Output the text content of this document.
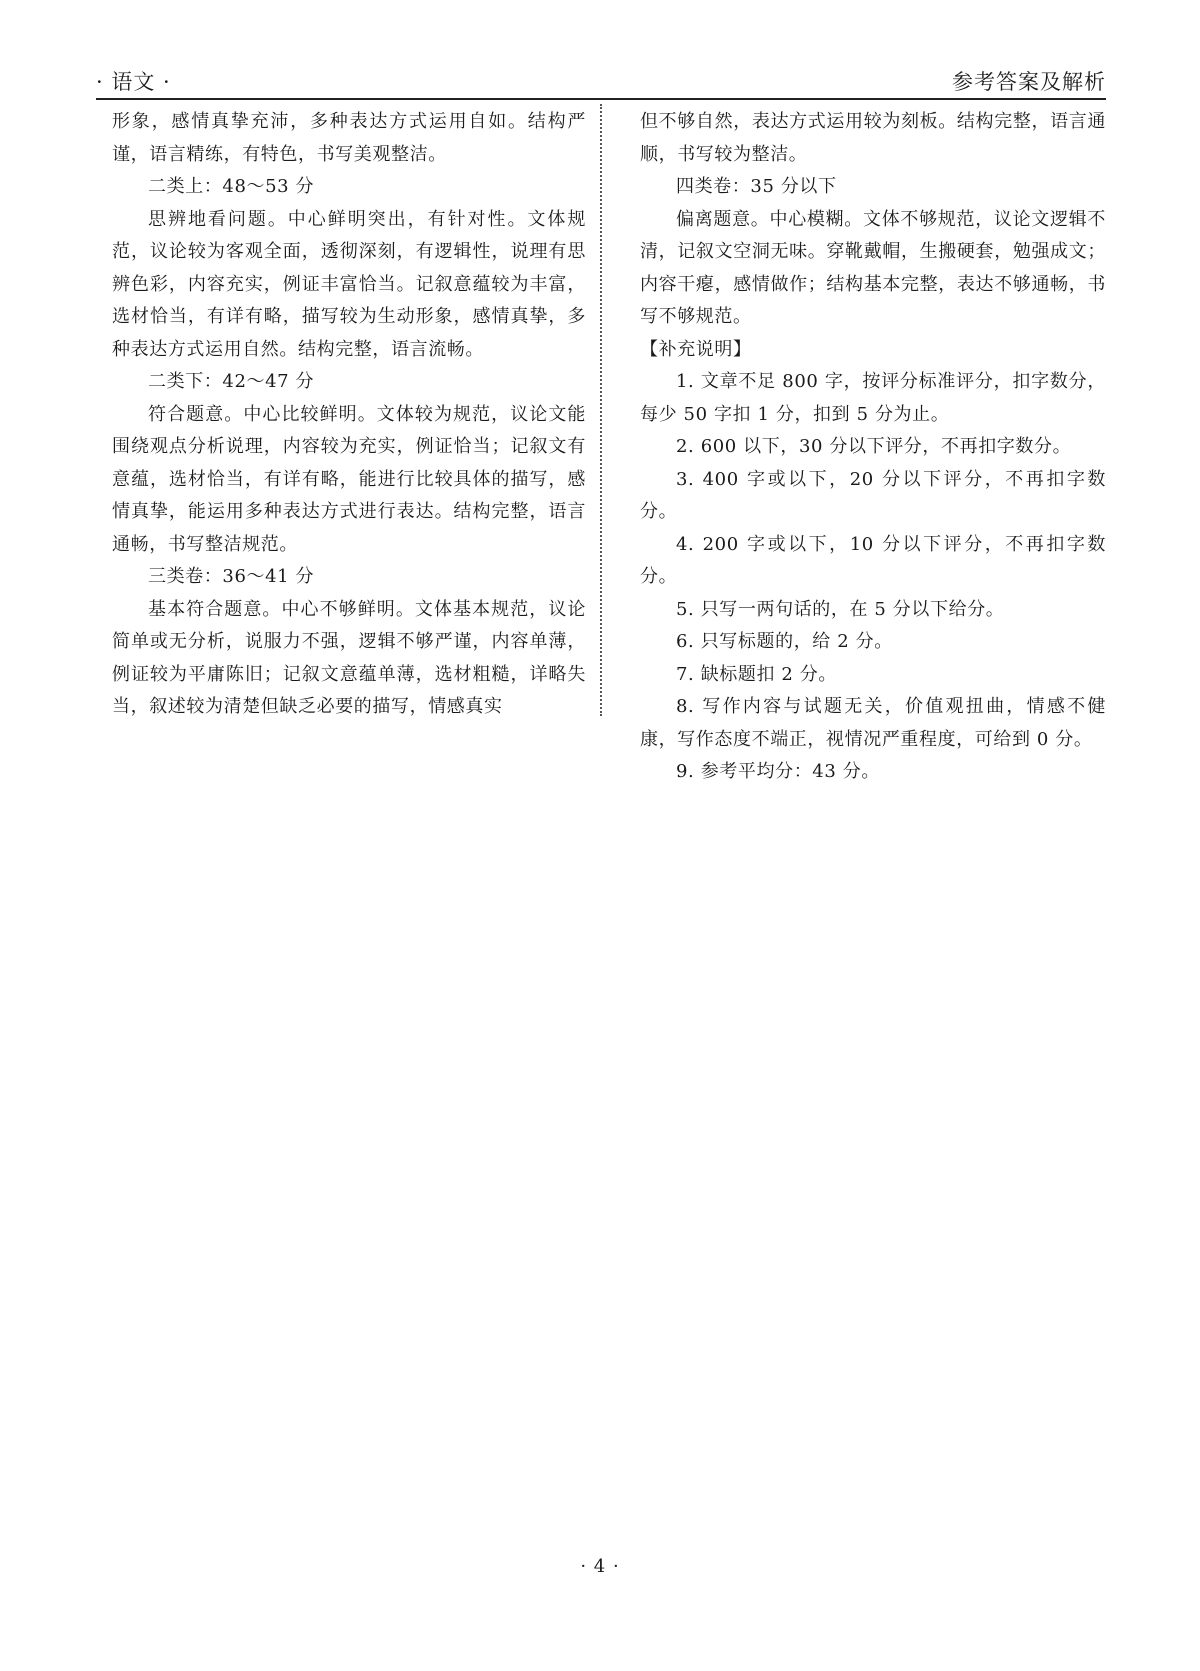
· 语文 ·	参考答案及解析

形象，感情真挚充沛，多种表达方式运用自如。结构严谨，语言精练，有特色，书写美观整洁。

二类上：48～53 分

思辨地看问题。中心鲜明突出，有针对性。文体规范，议论较为客观全面，透彻深刻，有逻辑性，说理有思辨色彩，内容充实，例证丰富恰当。记叙意蕴较为丰富，选材恰当，有详有略，描写较为生动形象，感情真挚，多种表达方式运用自然。结构完整，语言流畅。

二类下：42～47 分

符合题意。中心比较鲜明。文体较为规范，议论文能围绕观点分析说理，内容较为充实，例证恰当；记叙文有意蕴，选材恰当，有详有略，能进行比较具体的描写，感情真挚，能运用多种表达方式进行表达。结构完整，语言通畅，书写整洁规范。

三类卷：36～41 分

基本符合题意。中心不够鲜明。文体基本规范，议论简单或无分析，说服力不强，逻辑不够严谨，内容单薄，例证较为平庸陈旧；记叙文意蕴单薄，选材粗糙，详略失当，叙述较为清楚但缺乏必要的描写，情感真实

但不够自然，表达方式运用较为刻板。结构完整，语言通顺，书写较为整洁。

四类卷：35 分以下

偏离题意。中心模糊。文体不够规范，议论文逻辑不清，记叙文空洞无味。穿靴戴帽，生搬硬套，勉强成文；内容干瘪，感情做作；结构基本完整，表达不够通畅，书写不够规范。

【补充说明】

1. 文章不足 800 字，按评分标准评分，扣字数分，每少 50 字扣 1 分，扣到 5 分为止。

2. 600 以下，30 分以下评分，不再扣字数分。

3. 400 字或以下，20 分以下评分，不再扣字数分。

4. 200 字或以下，10 分以下评分，不再扣字数分。

5. 只写一两句话的，在 5 分以下给分。

6. 只写标题的，给 2 分。

7. 缺标题扣 2 分。

8. 写作内容与试题无关，价值观扭曲，情感不健康，写作态度不端正，视情况严重程度，可给到 0 分。

9. 参考平均分：43 分。

· 4 ·
